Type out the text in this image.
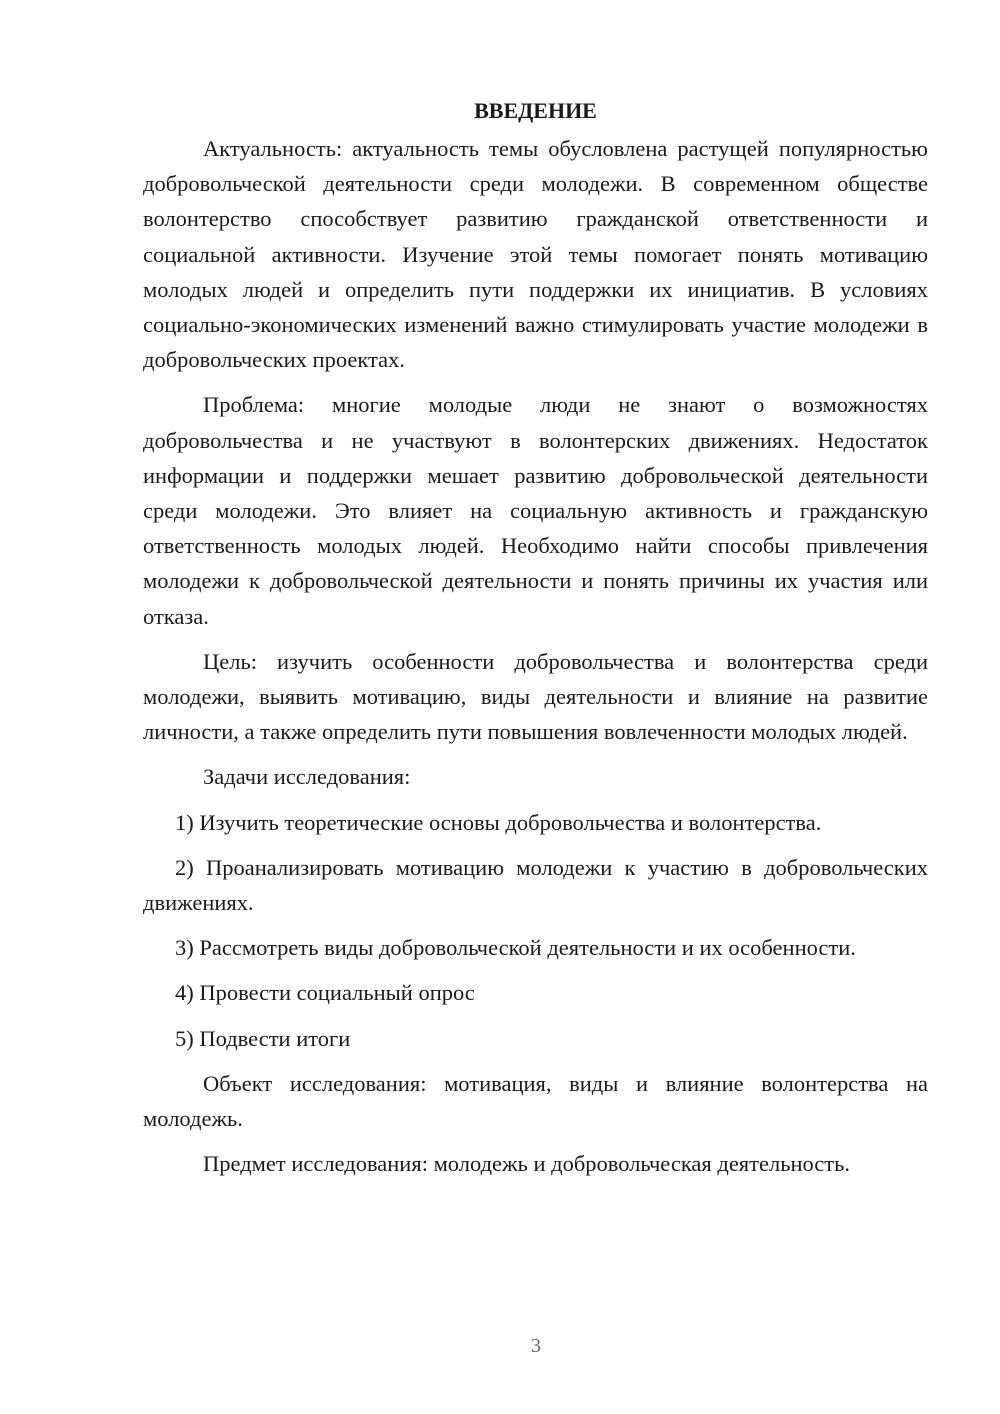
ВВЕДЕНИЕ

Актуальность: актуальность темы обусловлена растущей популярностью добровольческой деятельности среди молодежи. В современном обществе волонтерство способствует развитию гражданской ответственности и социальной активности. Изучение этой темы помогает понять мотивацию молодых людей и определить пути поддержки их инициатив. В условиях социально-экономических изменений важно стимулировать участие молодежи в добровольческих проектах.

Проблема: многие молодые люди не знают о возможностях добровольчества и не участвуют в волонтерских движениях. Недостаток информации и поддержки мешает развитию добровольческой деятельности среди молодежи. Это влияет на социальную активность и гражданскую ответственность молодых людей. Необходимо найти способы привлечения молодежи к добровольческой деятельности и понять причины их участия или отказа.

Цель: изучить особенности добровольчества и волонтерства среди молодежи, выявить мотивацию, виды деятельности и влияние на развитие личности, а также определить пути повышения вовлеченности молодых людей.

Задачи исследования:

1) Изучить теоретические основы добровольчества и волонтерства.

2) Проанализировать мотивацию молодежи к участию в добровольческих движениях.

3) Рассмотреть виды добровольческой деятельности и их особенности.

4) Провести социальный опрос

5) Подвести итоги

Объект исследования: мотивация, виды и влияние волонтерства на молодежь.

Предмет исследования: молодежь и добровольческая деятельность.

3
